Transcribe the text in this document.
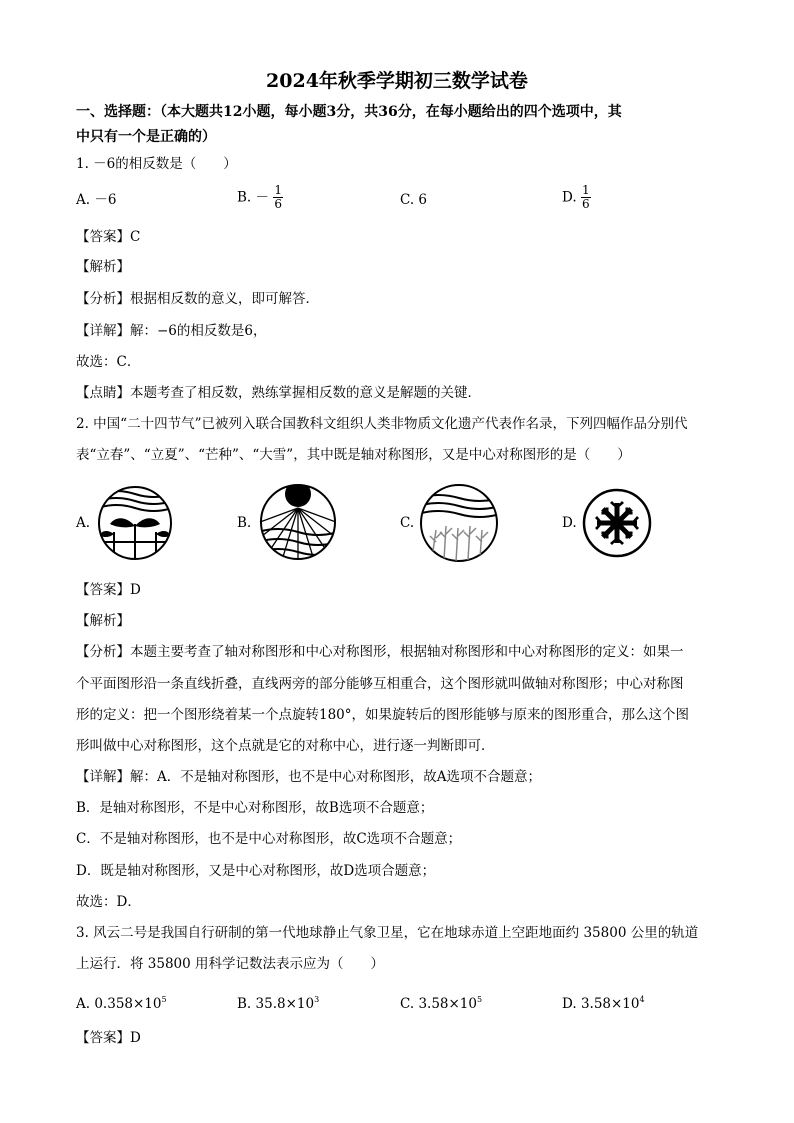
2024年秋季学期初三数学试卷
一、选择题：（本大题共12小题，每小题3分，共36分，在每小题给出的四个选项中，其
中只有一个是正确的）
1. －6的相反数是（　　）
A. －6	B. － $\frac{1}{6}$	C. 6	D. $\frac{1}{6}$
【答案】C
【解析】
【分析】根据相反数的意义，即可解答．
【详解】解：−6的相反数是6，
故选：C．
【点睛】本题考查了相反数，熟练掌握相反数的意义是解题的关键．
2. 中国“二十四节气”已被列入联合国教科文组织人类非物质文化遗产代表作名录，下列四幅作品分别代
表“立春”、“立夏”、“芒种”、“大雪”，其中既是轴对称图形，又是中心对称图形的是（　　）
A.	B.	C.	D.
【答案】D
【解析】
【分析】本题主要考查了轴对称图形和中心对称图形，根据轴对称图形和中心对称图形的定义：如果一
个平面图形沿一条直线折叠，直线两旁的部分能够互相重合，这个图形就叫做轴对称图形；中心对称图
形的定义：把一个图形绕着某一个点旋转180°，如果旋转后的图形能够与原来的图形重合，那么这个图
形叫做中心对称图形，这个点就是它的对称中心，进行逐一判断即可．
【详解】解：A．不是轴对称图形，也不是中心对称图形，故A选项不合题意；
B．是轴对称图形，不是中心对称图形，故B选项不合题意；
C．不是轴对称图形，也不是中心对称图形，故C选项不合题意；
D．既是轴对称图形，又是中心对称图形，故D选项合题意；
故选：D．
3. 风云二号是我国自行研制的第一代地球静止气象卫星，它在地球赤道上空距地面约 35800 公里的轨道
上运行．将 35800 用科学记数法表示应为（　　）
A. $0.358\times 10^5$	B. $35.8\times 10^3$	C. $3.58\times 10^5$	D. $3.58\times 10^4$
【答案】D
